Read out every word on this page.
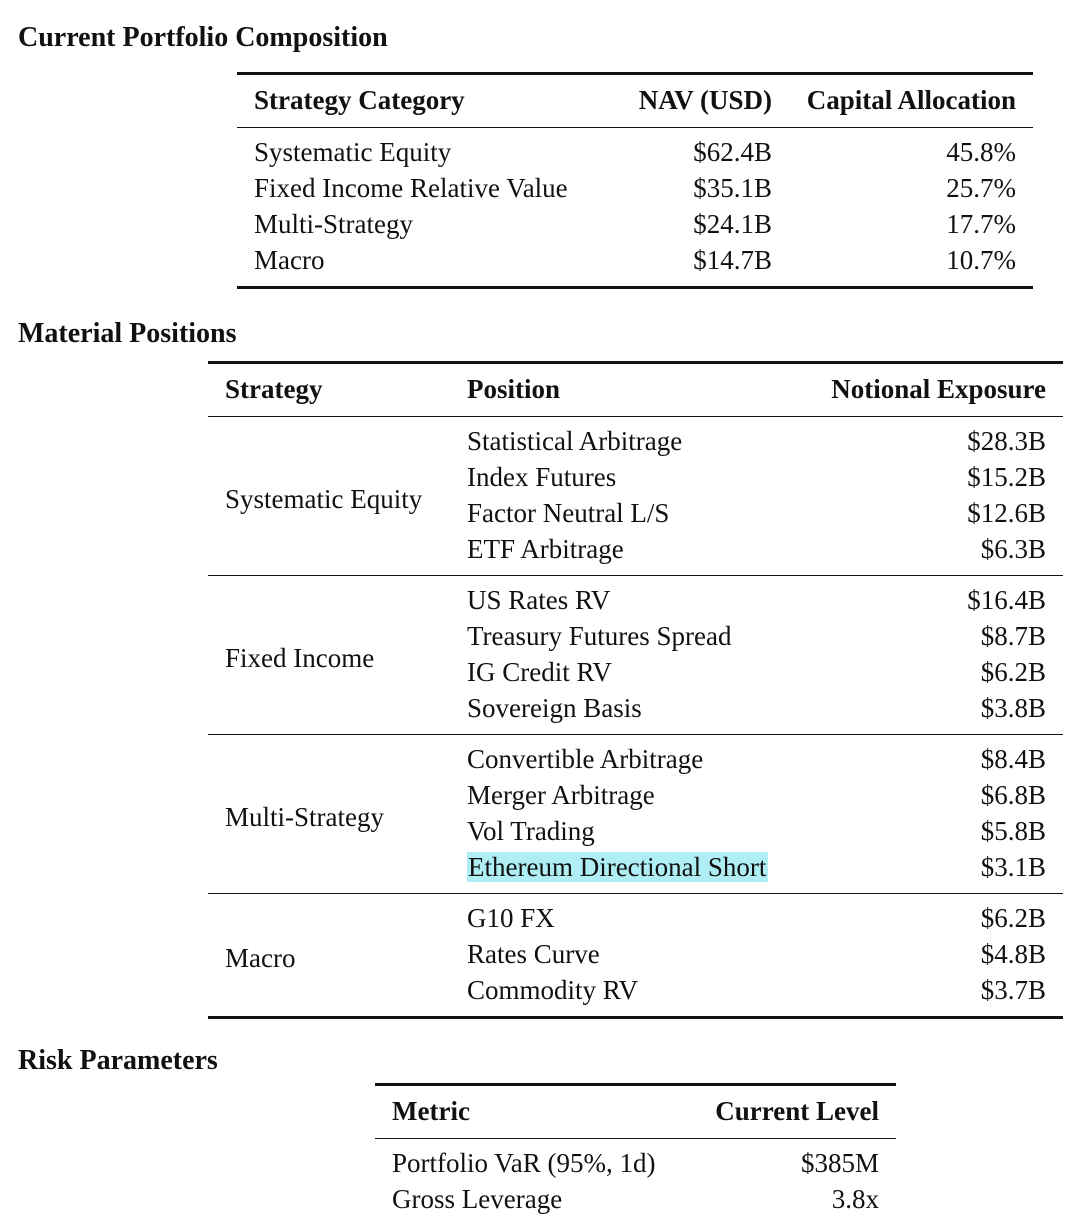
Current Portfolio Composition
Strategy Category	NAV (USD)	Capital Allocation
Systematic Equity	$62.4B	45.8%
Fixed Income Relative Value	$35.1B	25.7%
Multi-Strategy	$24.1B	17.7%
Macro	$14.7B	10.7%
Material Positions
Strategy	Position	Notional Exposure
Systematic Equity	Statistical Arbitrage	$28.3B
	Index Futures	$15.2B
	Factor Neutral L/S	$12.6B
	ETF Arbitrage	$6.3B
Fixed Income	US Rates RV	$16.4B
	Treasury Futures Spread	$8.7B
	IG Credit RV	$6.2B
	Sovereign Basis	$3.8B
Multi-Strategy	Convertible Arbitrage	$8.4B
	Merger Arbitrage	$6.8B
	Vol Trading	$5.8B
	Ethereum Directional Short	$3.1B
Macro	G10 FX	$6.2B
	Rates Curve	$4.8B
	Commodity RV	$3.7B
Risk Parameters
Metric	Current Level
Portfolio VaR (95%, 1d)	$385M
Gross Leverage	3.8x
